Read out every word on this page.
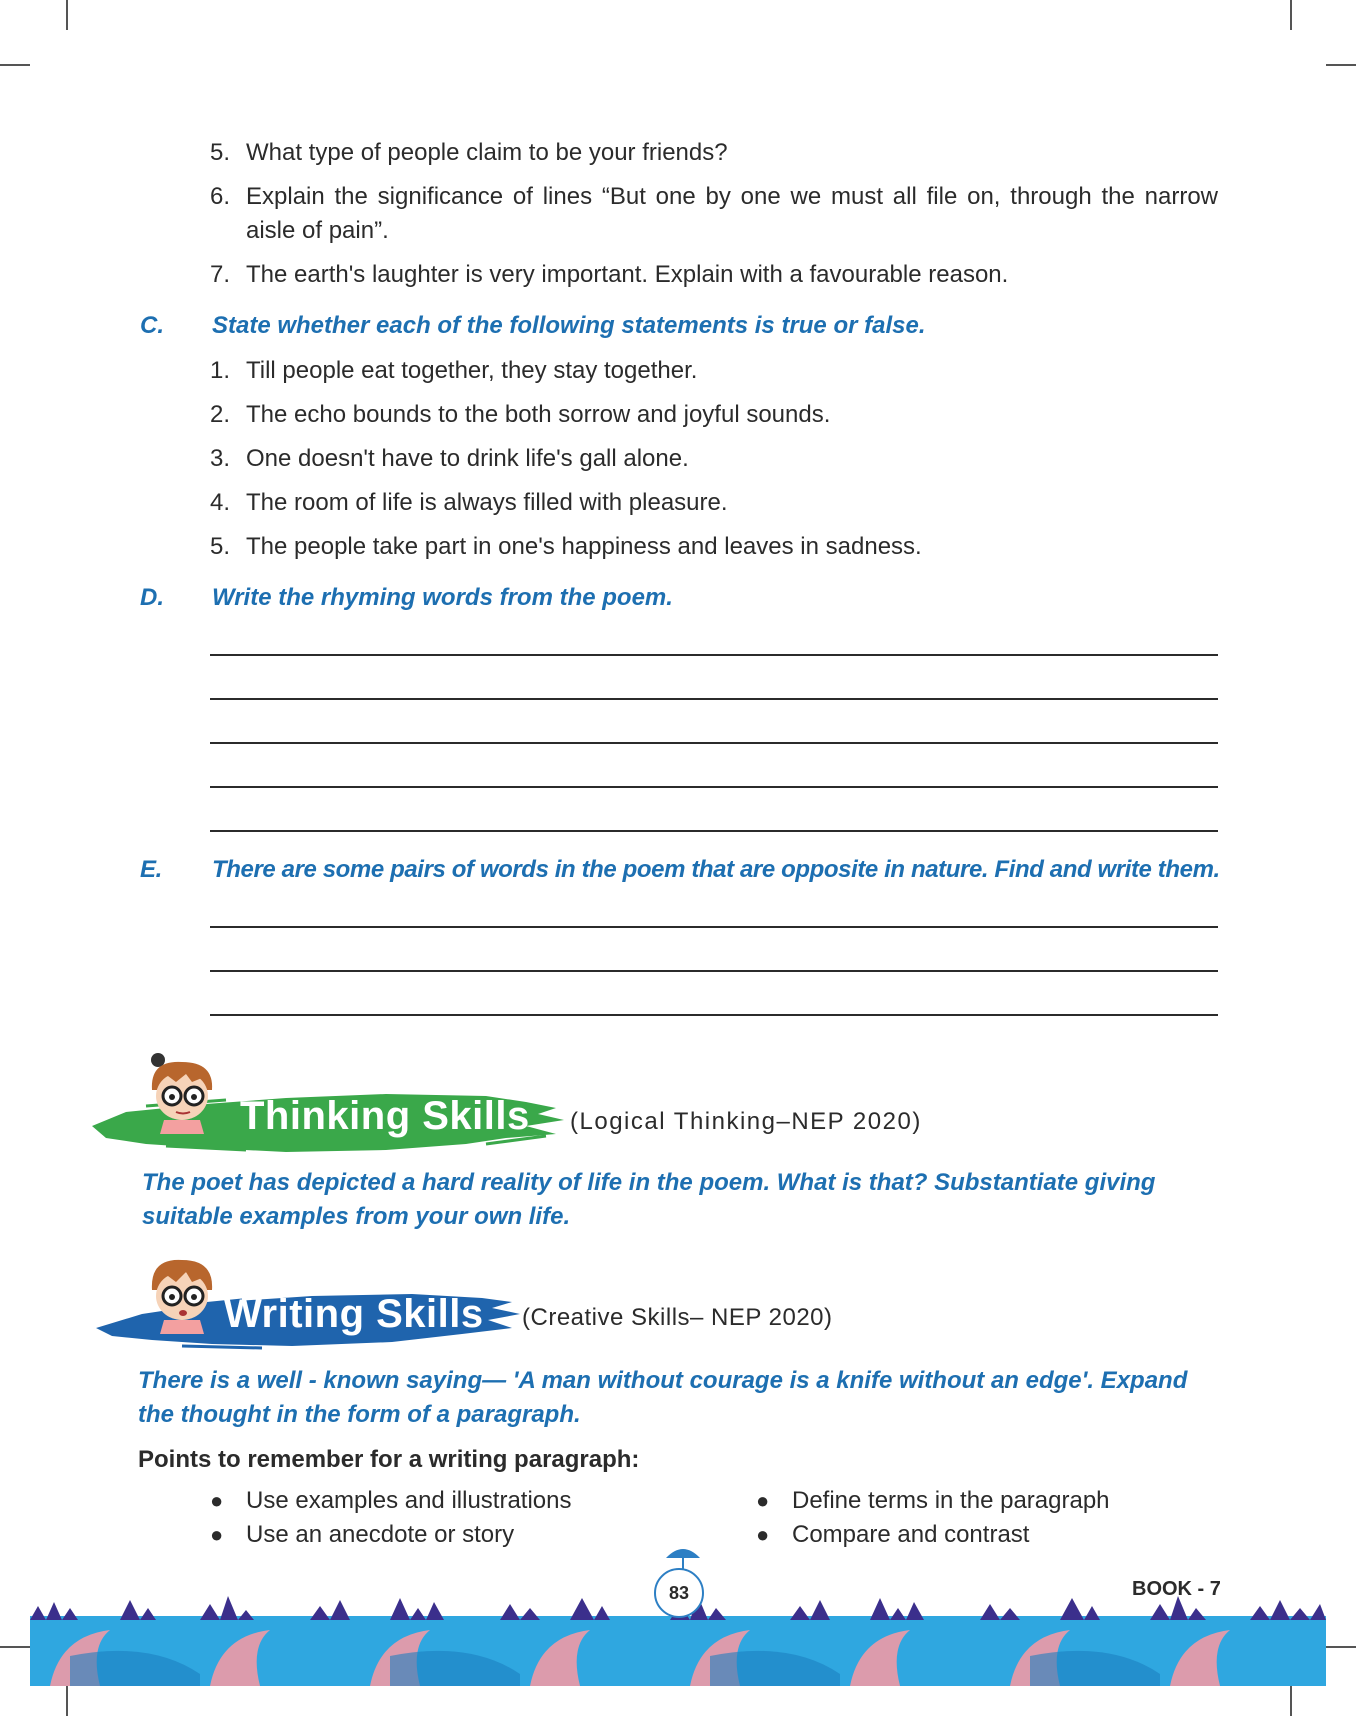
5. What type of people claim to be your friends?
6. Explain the significance of lines “But one by one we must all file on, through the narrow aisle of pain”.
7. The earth's laughter is very important. Explain with a favourable reason.
C. State whether each of the following statements is true or false.
1. Till people eat together, they stay together.
2. The echo bounds to the both sorrow and joyful sounds.
3. One doesn't have to drink life's gall alone.
4. The room of life is always filled with pleasure.
5. The people take part in one's happiness and leaves in sadness.
D. Write the rhyming words from the poem.
E. There are some pairs of words in the poem that are opposite in nature. Find and write them.
Thinking Skills (Logical Thinking–NEP 2020)
The poet has depicted a hard reality of life in the poem. What is that? Substantiate giving suitable examples from your own life.
Writing Skills (Creative Skills– NEP 2020)
There is a well - known saying— 'A man without courage is a knife without an edge'. Expand the thought in the form of a paragraph.
Points to remember for a writing paragraph:
● Use examples and illustrations
● Use an anecdote or story
● Define terms in the paragraph
● Compare and contrast
83	BOOK - 7
